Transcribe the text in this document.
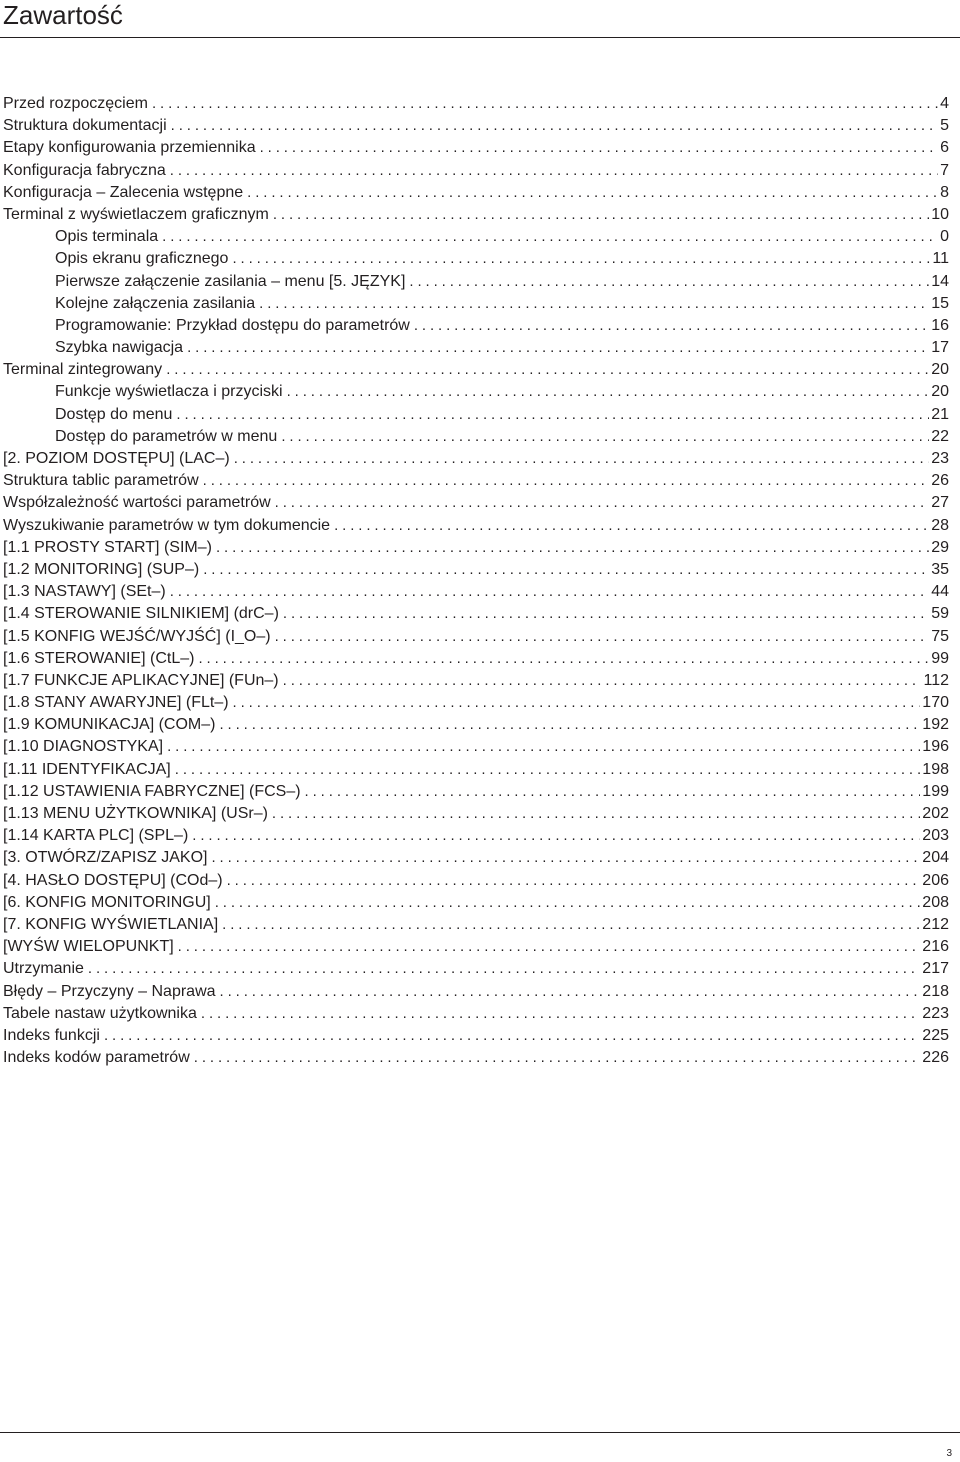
Zawartość
Przed rozpoczęciem .....	4
Struktura dokumentacji .....	5
Etapy konfigurowania przemiennika .....	6
Konfiguracja fabryczna .....	7
Konfiguracja – Zalecenia wstępne .....	8
Terminal z wyświetlaczem graficznym .....	10
Opis terminala .....	0
Opis ekranu graficznego .....	11
Pierwsze załączenie zasilania – menu [5. JĘZYK] .....	14
Kolejne załączenia zasilania .....	15
Programowanie: Przykład dostępu do parametrów .....	16
Szybka nawigacja .....	17
Terminal zintegrowany .....	20
Funkcje wyświetlacza i przyciski .....	20
Dostęp do menu .....	21
Dostęp do parametrów w menu .....	22
[2. POZIOM DOSTĘPU] (LAC–) .....	23
Struktura tablic parametrów .....	26
Współzależność wartości parametrów .....	27
Wyszukiwanie parametrów w tym dokumencie .....	28
[1.1 PROSTY START] (SIM–) .....	29
[1.2 MONITORING] (SUP–) .....	35
[1.3 NASTAWY] (SEt–) .....	44
[1.4 STEROWANIE SILNIKIEM] (drC–) .....	59
[1.5 KONFIG WEJŚĆ/WYJŚĆ] (I_O–) .....	75
[1.6 STEROWANIE] (CtL–) .....	99
[1.7 FUNKCJE APLIKACYJNE] (FUn–) .....	112
[1.8 STANY AWARYJNE] (FLt–) .....	170
[1.9 KOMUNIKACJA] (COM–) .....	192
[1.10 DIAGNOSTYKA] .....	196
[1.11 IDENTYFIKACJA] .....	198
[1.12 USTAWIENIA FABRYCZNE] (FCS–) .....	199
[1.13 MENU UŻYTKOWNIKA] (USr–) .....	202
[1.14 KARTA PLC] (SPL–) .....	203
[3. OTWÓRZ/ZAPISZ JAKO] .....	204
[4. HASŁO DOSTĘPU] (COd–) .....	206
[6. KONFIG MONITORINGU] .....	208
[7. KONFIG WYŚWIETLANIA] .....	212
[WYŚW WIELOPUNKT] .....	216
Utrzymanie .....	217
Błędy – Przyczyny – Naprawa .....	218
Tabele nastaw użytkownika .....	223
Indeks funkcji .....	225
Indeks kodów parametrów .....	226
3
